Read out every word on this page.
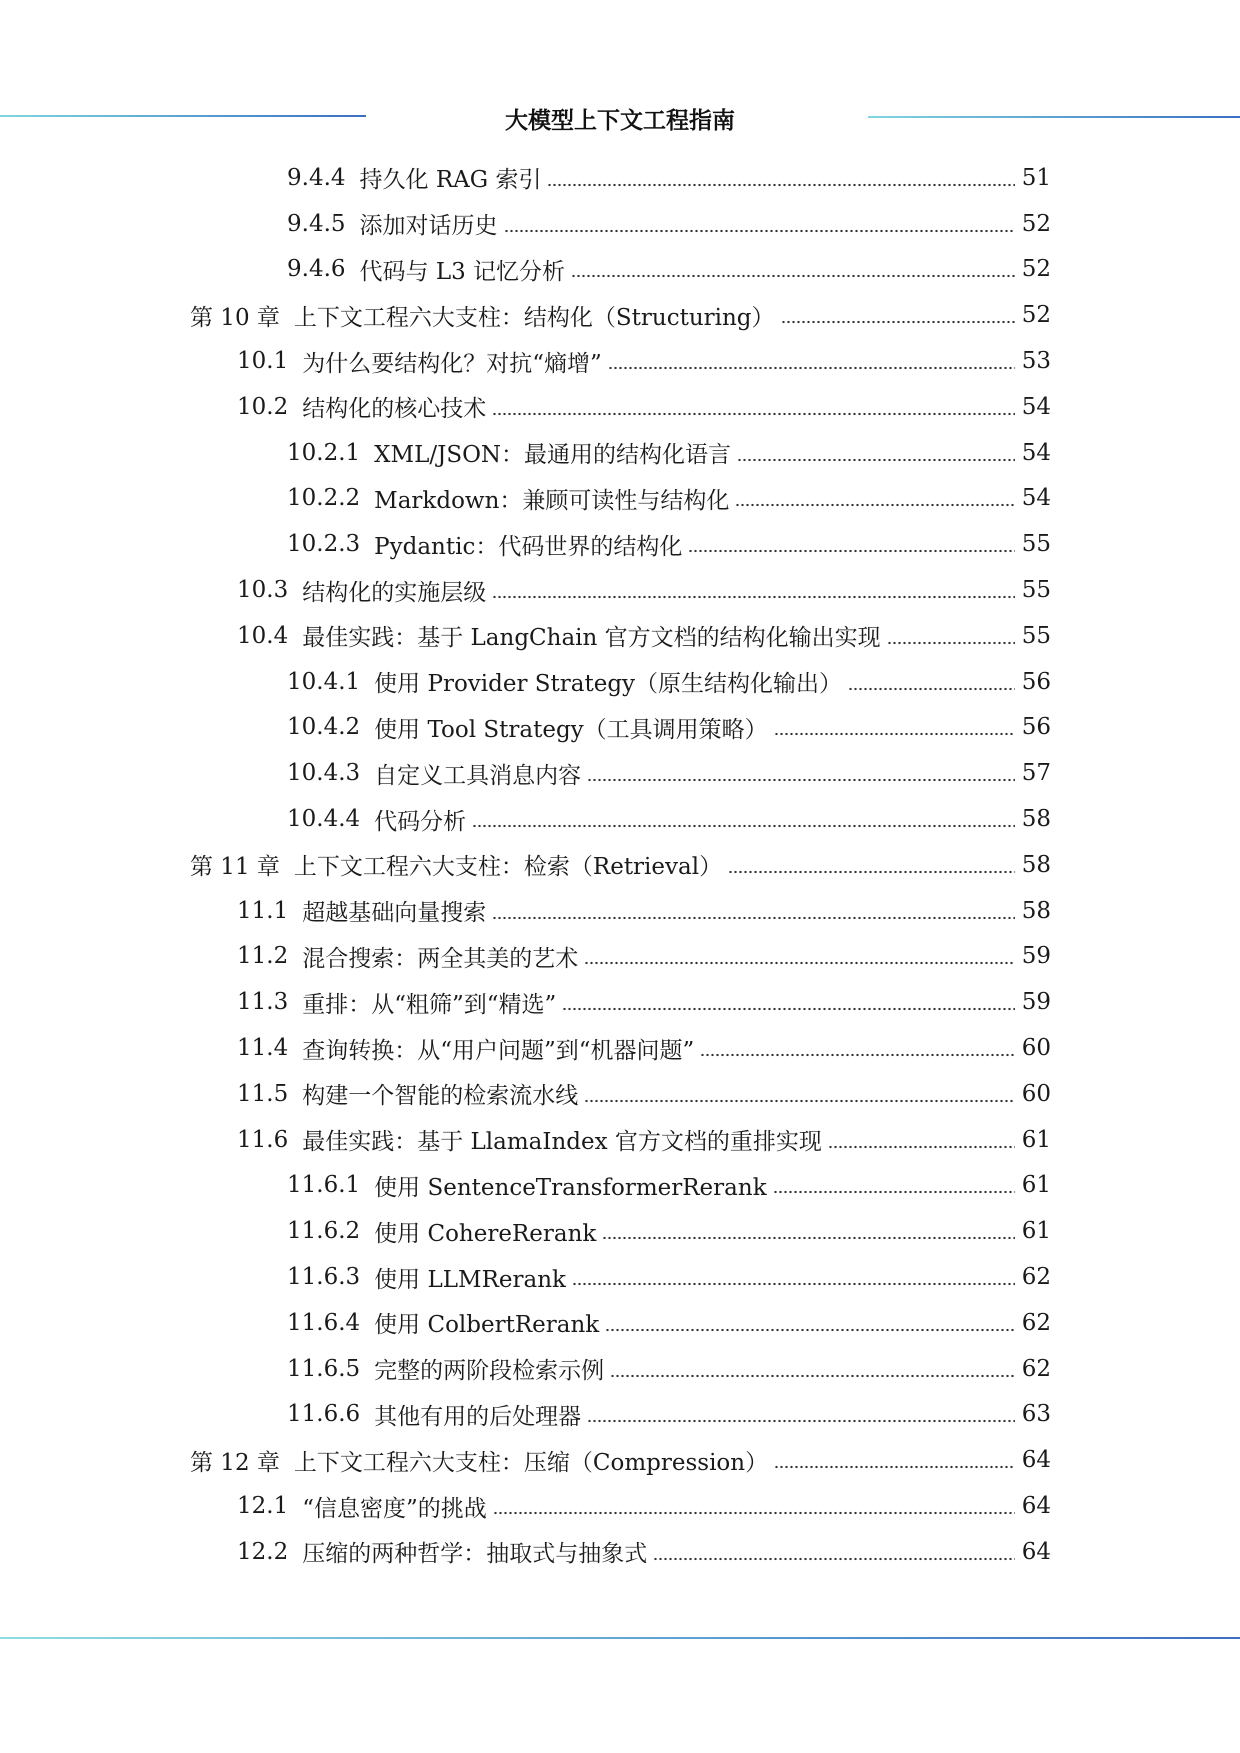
大模型上下文工程指南
9.4.4 持久化 RAG 索引	51
9.4.5 添加对话历史	52
9.4.6 代码与 L3 记忆分析	52
第 10 章 上下文工程六大支柱：结构化（Structuring）	52
10.1 为什么要结构化？对抗“熵增”	53
10.2 结构化的核心技术	54
10.2.1 XML/JSON：最通用的结构化语言	54
10.2.2 Markdown：兼顾可读性与结构化	54
10.2.3 Pydantic：代码世界的结构化	55
10.3 结构化的实施层级	55
10.4 最佳实践：基于 LangChain 官方文档的结构化输出实现	55
10.4.1 使用 Provider Strategy（原生结构化输出）	56
10.4.2 使用 Tool Strategy（工具调用策略）	56
10.4.3 自定义工具消息内容	57
10.4.4 代码分析	58
第 11 章 上下文工程六大支柱：检索（Retrieval）	58
11.1 超越基础向量搜索	58
11.2 混合搜索：两全其美的艺术	59
11.3 重排：从“粗筛”到“精选”	59
11.4 查询转换：从“用户问题”到“机器问题”	60
11.5 构建一个智能的检索流水线	60
11.6 最佳实践：基于 LlamaIndex 官方文档的重排实现	61
11.6.1 使用 SentenceTransformerRerank	61
11.6.2 使用 CohereRerank	61
11.6.3 使用 LLMRerank	62
11.6.4 使用 ColbertRerank	62
11.6.5 完整的两阶段检索示例	62
11.6.6 其他有用的后处理器	63
第 12 章 上下文工程六大支柱：压缩（Compression）	64
12.1 “信息密度”的挑战	64
12.2 压缩的两种哲学：抽取式与抽象式	64
